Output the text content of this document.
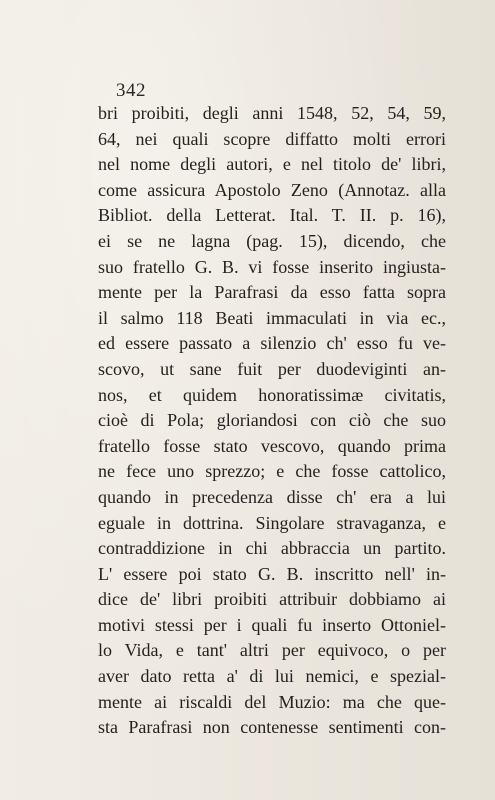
342
bri proibiti, degli anni 1548, 52, 54, 59,
64, nei quali scopre diffatto molti errori
nel nome degli autori, e nel titolo de' libri,
come assicura Apostolo Zeno (Annotaz. alla
Bibliot. della Letterat. Ital. T. II. p. 16),
ei se ne lagna (pag. 15), dicendo, che
suo fratello G. B. vi fosse inserito ingiusta-
mente per la Parafrasi da esso fatta sopra
il salmo 118 Beati immaculati in via ec.,
ed essere passato a silenzio ch' esso fu ve-
scovo, ut sane fuit per duodeviginti an-
nos, et quidem honoratissimæ civitatis,
cioè di Pola; gloriandosi con ciò che suo
fratello fosse stato vescovo, quando prima
ne fece uno sprezzo; e che fosse cattolico,
quando in precedenza disse ch' era a lui
eguale in dottrina. Singolare stravaganza, e
contraddizione in chi abbraccia un partito.
L' essere poi stato G. B. inscritto nell' in-
dice de' libri proibiti attribuir dobbiamo ai
motivi stessi per i quali fu inserto Ottoniel-
lo Vida, e tant' altri per equivoco, o per
aver dato retta a' di lui nemici, e spezial-
mente ai riscaldi del Muzio: ma che que-
sta Parafrasi non contenesse sentimenti con-
